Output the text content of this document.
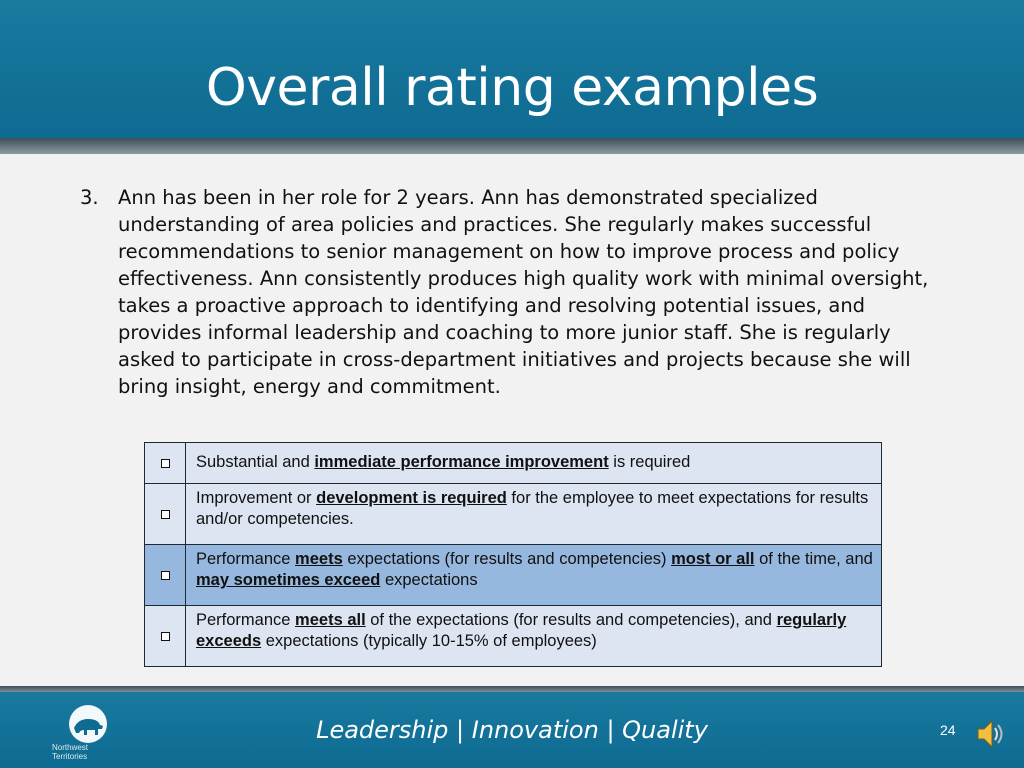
Overall rating examples
3. Ann has been in her role for 2 years. Ann has demonstrated specialized understanding of area policies and practices. She regularly makes successful recommendations to senior management on how to improve process and policy effectiveness. Ann consistently produces high quality work with minimal oversight, takes a proactive approach to identifying and resolving potential issues, and provides informal leadership and coaching to more junior staff. She is regularly asked to participate in cross-department initiatives and projects because she will bring insight, energy and commitment.
	Substantial and immediate performance improvement is required
	Improvement or development is required for the employee to meet expectations for results and/or competencies.
	Performance meets expectations (for results and competencies) most or all of the time, and may sometimes exceed expectations
	Performance meets all of the expectations (for results and competencies), and regularly exceeds expectations (typically 10-15% of employees)
Northwest
Territories
Leadership | Innovation | Quality	24
